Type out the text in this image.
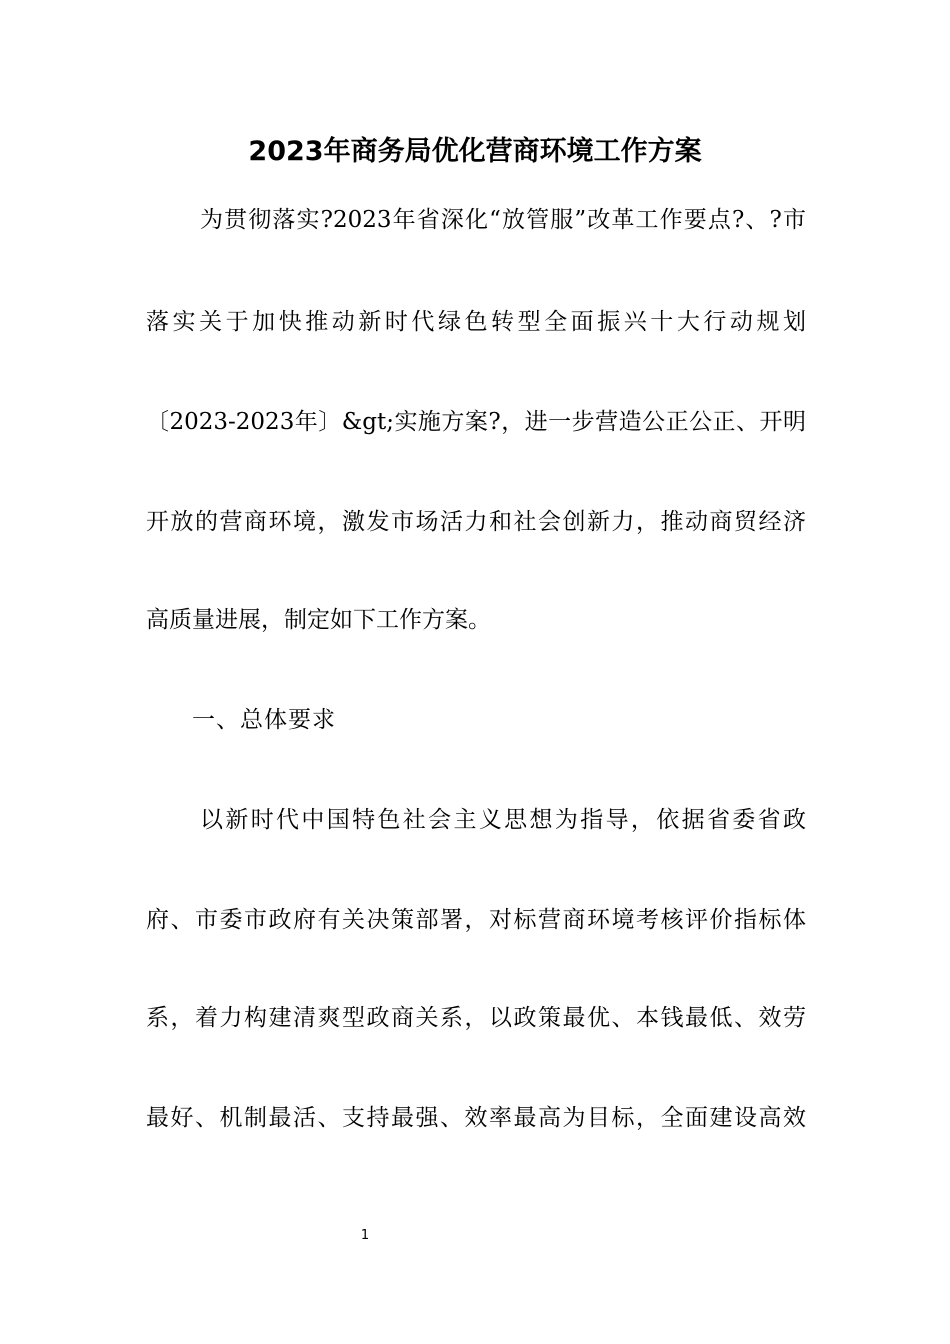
2023年商务局优化营商环境工作方案
为贯彻落实?2023年省深化“放管服”改革工作要点?、?市
落实关于加快推动新时代绿色转型全面振兴十大行动规划
〔2023-2023年〕&gt;实施方案?，进一步营造公正公正、开明
开放的营商环境，激发市场活力和社会创新力，推动商贸经济
高质量进展，制定如下工作方案。
一、总体要求
以新时代中国特色社会主义思想为指导，依据省委省政
府、市委市政府有关决策部署，对标营商环境考核评价指标体
系，着力构建清爽型政商关系，以政策最优、本钱最低、效劳
最好、机制最活、支持最强、效率最高为目标，全面建设高效
1
